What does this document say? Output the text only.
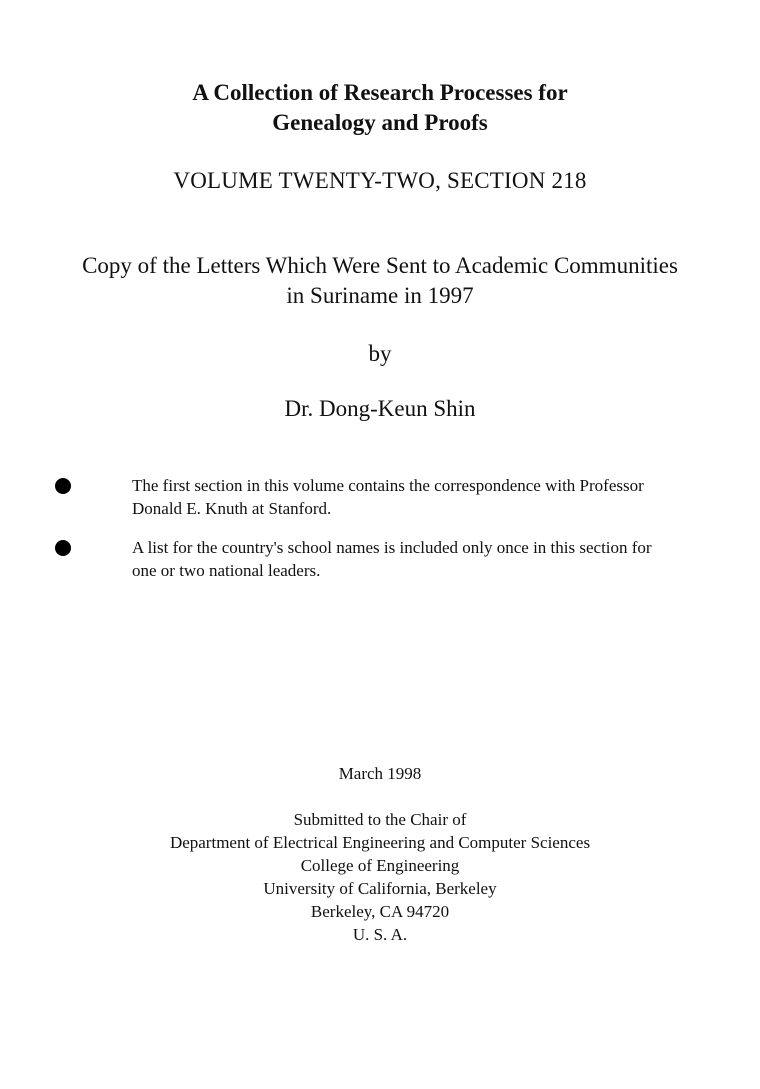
A Collection of Research Processes for
Genealogy and Proofs
VOLUME TWENTY-TWO, SECTION 218
Copy of the Letters Which Were Sent to Academic Communities
in Suriname in 1997
by
Dr. Dong-Keun Shin
The first section in this volume contains the correspondence with Professor
Donald E. Knuth at Stanford.
A list for the country's school names is included only once in this section for
one or two national leaders.
March 1998
Submitted to the Chair of
Department of Electrical Engineering and Computer Sciences
College of Engineering
University of California, Berkeley
Berkeley, CA 94720
U. S. A.
